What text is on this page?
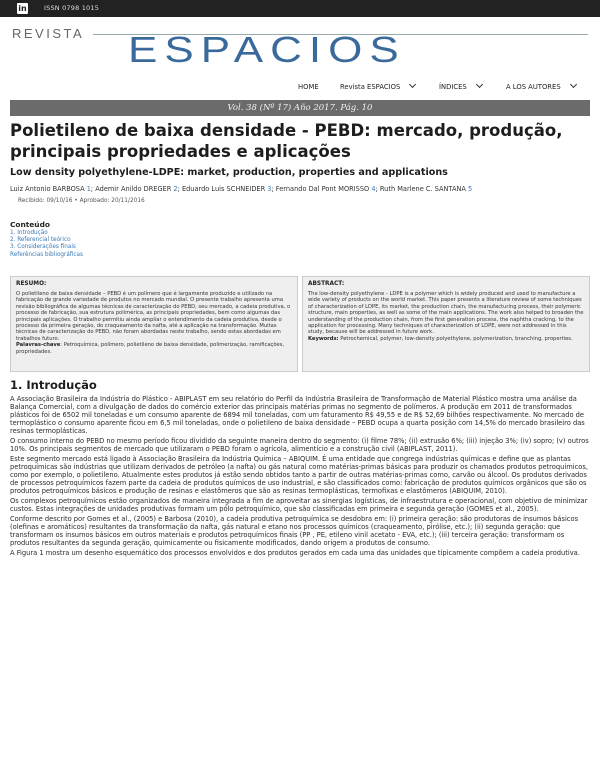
in	ISSN 0798 1015
REVISTA ESPACIOS
HOME	Revista ESPACIOS	ÍNDICES	A LOS AUTORES
Vol. 38 (Nº 17) Año 2017. Pág. 10
Polietileno de baixa densidade - PEBD: mercado, produção, principais propriedades e aplicações
Low density polyethylene-LDPE: market, production, properties and applications
Luiz Antonio BARBOSA 1; Ademir Anildo DREGER 2; Eduardo Luis SCHNEIDER 3; Fernando Dal Pont MORISSO 4; Ruth Marlene C. SANTANA 5
Recibido: 09/10/16 • Aprobado: 20/11/2016
Conteúdo
1. Introdução
2. Referencial teórico
3. Considerações finais
Referências bibliográficas
RESUMO:
O polietileno de baixa densidade – PEBD é um polímero que é largamente produzido e utilizado na fabricação de grande variedade de produtos no mercado mundial. O presente trabalho apresenta uma revisão bibliográfica de algumas técnicas de caracterização do PEBD, seu mercado, a cadeia produtiva, o processo de fabricação, sua estrutura polimérica, as principais propriedades, bem como algumas das principais aplicações. O trabalho permitiu ainda ampliar o entendimento da cadeia produtiva, desde o processo da primeira geração, do craqueamento da nafta, até a aplicação na transformação. Muitas técnicas de caracterização do PEBD, não foram abordadas neste trabalho, sendo estas abordadas em trabalhos futuro.
Palavras-chave: Petroquímica, polímero, polietileno de baixa densidade, polimerização, ramificações, propriedades.
ABSTRACT:
The low-density polyethylene - LDPE is a polymer which is widely produced and used to manufacture a wide variety of products on the world market. This paper presents a literature review of some techniques of characterization of LDPE, its market, the production chain, the manufacturing process, their polymeric structure, main properties, as well as some of the main applications. The work also helped to broaden the understanding of the production chain, from the first generation process, the naphtha cracking, to the application for processing. Many techniques of characterization of LDPE, were not addressed in this study, because will be addressed in future work.
Keywords: Petrochemical, polymer, low-density polyethylene, polymerization, branching, properties.
1. Introdução

A Associação Brasileira da Indústria do Plástico - ABIPLAST em seu relatório do Perfil da Indústria Brasileira de Transformação de Material Plástico mostra uma análise da Balança Comercial, com a divulgação de dados do comércio exterior das principais matérias primas no segmento de polímeros. A produção em 2011 de transformados plásticos foi de 6502 mil toneladas e um consumo aparente de 6894 mil toneladas, com um faturamento R$ 49,55 e de R$ 52,69 bilhões respectivamente. No mercado de termoplástico o consumo aparente ficou em 6,5 mil toneladas, onde o polietileno de baixa densidade – PEBD ocupa a quarta posição com 14,5% do mercado brasileiro das resinas termoplásticas.

O consumo interno do PEBD no mesmo período ficou dividido da seguinte maneira dentro do segmento: (i) filme 78%; (ii) extrusão 6%; (iii) injeção 3%; (iv) sopro; (v) outros 10%. Os principais segmentos de mercado que utilizaram o PEBD foram o agrícola, alimentício e a construção civil (ABIPLAST, 2011).

Este segmento mercado está ligado à Associação Brasileira da Indústria Química – ABIQUIM. É uma entidade que congrega indústrias químicas e define que as plantas petroquímicas são indústrias que utilizam derivados de petróleo (a nafta) ou gás natural como matérias-primas básicas para produzir os chamados produtos petroquímicos, como por exemplo, o polietileno. Atualmente estes produtos já estão sendo obtidos tanto a partir de outras matérias-primas como, carvão ou álcool. Os produtos derivados de processos petroquímicos fazem parte da cadeia de produtos químicos de uso industrial, e são classificados como: fabricação de produtos químicos orgânicos que são os produtos petroquímicos básicos e produção de resinas e elastômeros que são as resinas termoplásticas, termofixas e elastômeros (ABIQUIM, 2010).

Os complexos petroquímicos estão organizados de maneira integrada a fim de aproveitar as sinergias logísticas, de infraestrutura e operacional, com objetivo de minimizar custos. Estas integrações de unidades produtivas formam um pólo petroquímico, que são classificadas em primeira e segunda geração (GOMES et al., 2005).

Conforme descrito por Gomes et al., (2005) e Barbosa (2010), a cadeia produtiva petroquímica se desdobra em: (i) primeira geração: são produtoras de insumos básicos (olefinas e aromáticos) resultantes da transformação da nafta, gás natural e etano nos processos químicos (craqueamento, pirólise, etc.); (ii) segunda geração: que transformam os insumos básicos em outros materiais e produtos petroquímicos finais (PP , PE, etileno vinil acetato - EVA, etc.); (iii) terceira geração: transformam os produtos resultantes da segunda geração, quimicamente ou fisicamente modificados, dando origem a produtos de consumo.

A Figura 1 mostra um desenho esquemático dos processos envolvidos e dos produtos gerados em cada uma das unidades que tipicamente compõem a cadeia produtiva.
